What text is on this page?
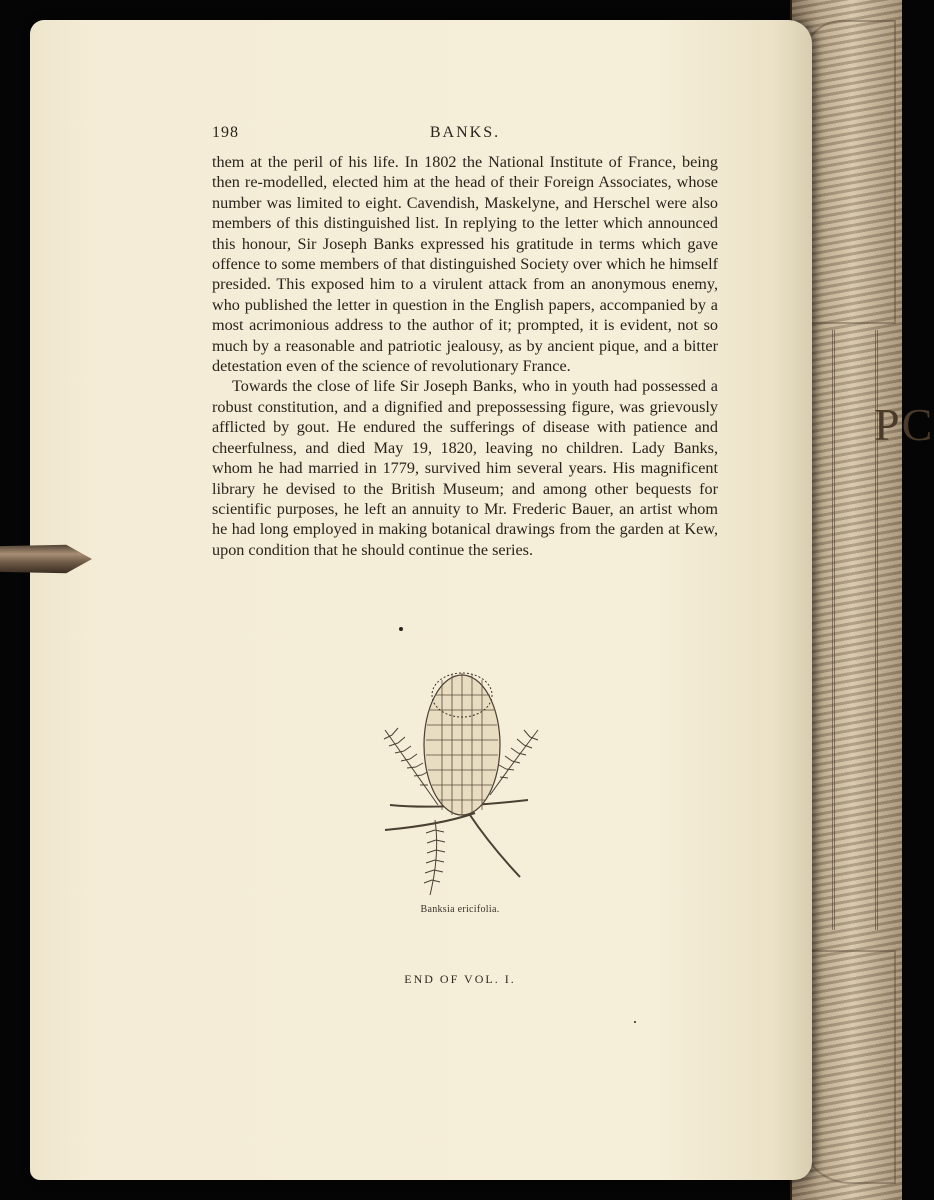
PC
198	BANKS.

them at the peril of his life. In 1802 the National Institute of France, being then re-modelled, elected him at the head of their Foreign Associates, whose number was limited to eight. Cavendish, Maskelyne, and Herschel were also members of this distinguished list. In replying to the letter which announced this honour, Sir Joseph Banks expressed his gratitude in terms which gave offence to some members of that distinguished Society over which he himself presided. This exposed him to a virulent attack from an anonymous enemy, who published the letter in question in the English papers, accompanied by a most acrimonious address to the author of it; prompted, it is evident, not so much by a reasonable and patriotic jealousy, as by ancient pique, and a bitter detestation even of the science of revolutionary France.

Towards the close of life Sir Joseph Banks, who in youth had possessed a robust constitution, and a dignified and prepossessing figure, was grievously afflicted by gout. He endured the sufferings of disease with patience and cheerfulness, and died May 19, 1820, leaving no children. Lady Banks, whom he had married in 1779, survived him several years. His magnificent library he devised to the British Museum; and among other bequests for scientific purposes, he left an annuity to Mr. Frederic Bauer, an artist whom he had long employed in making botanical drawings from the garden at Kew, upon condition that he should continue the series.

Banksia ericifolia.
END OF VOL. I.
